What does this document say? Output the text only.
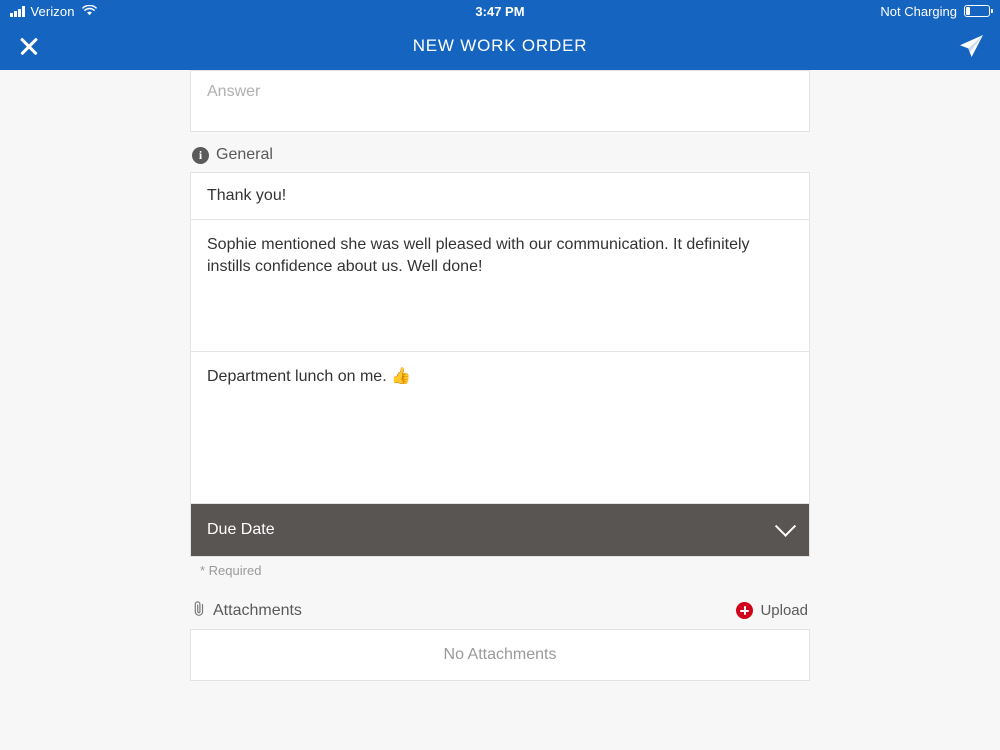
Verizon	3:47 PM	Not Charging
NEW WORK ORDER
Answer
i General
Thank you!
Sophie mentioned she was well pleased with our communication. It definitely instills confidence about us. Well done!
Department lunch on me. 👍
Due Date
* Required
Attachments	Upload
No Attachments
